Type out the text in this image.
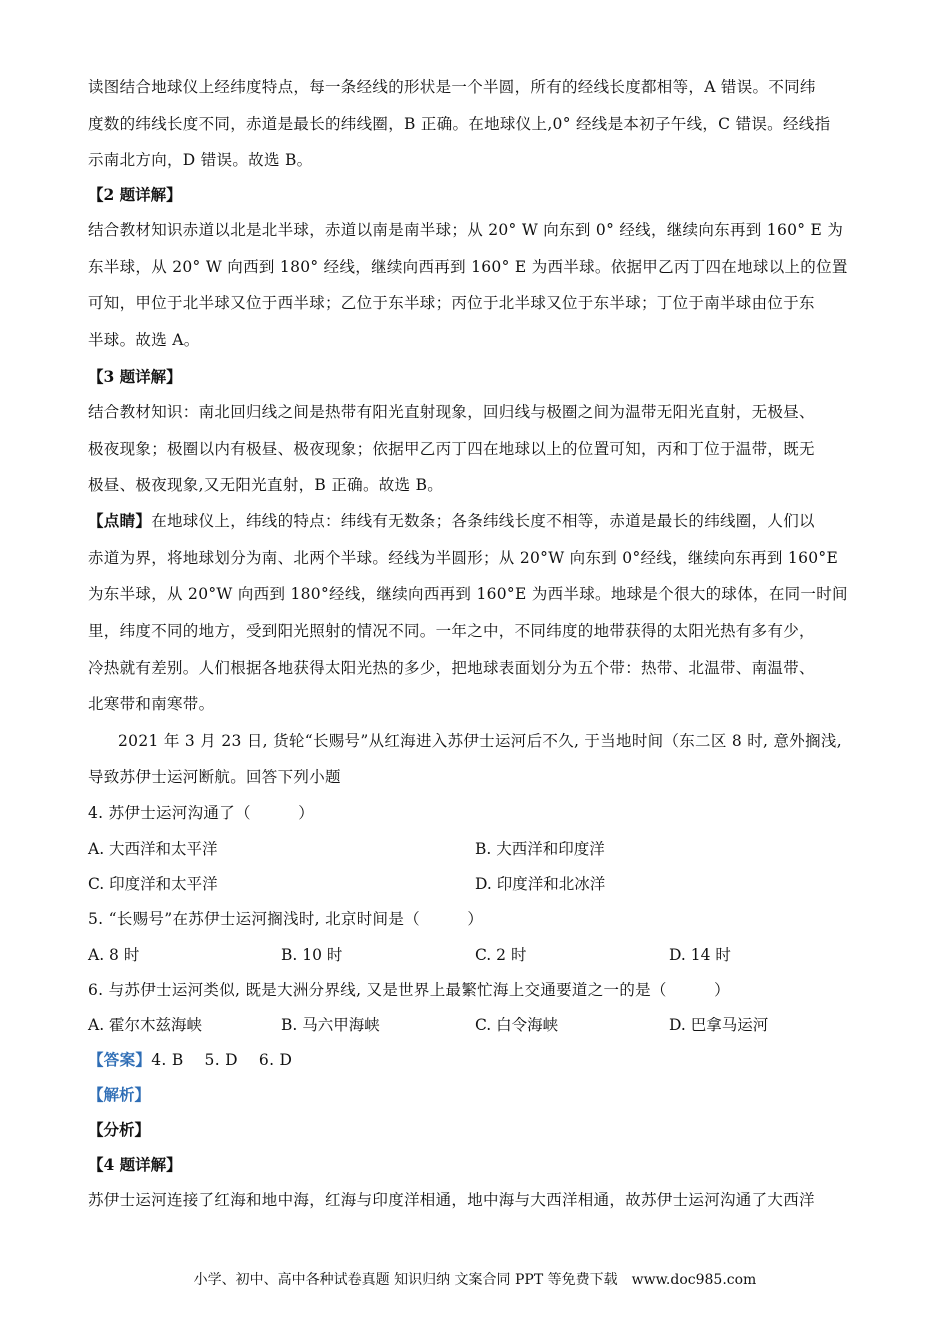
读图结合地球仪上经纬度特点，每一条经线的形状是一个半圆，所有的经线长度都相等，A 错误。不同纬
度数的纬线长度不同，赤道是最长的纬线圈，B 正确。在地球仪上,0° 经线是本初子午线，C 错误。经线指
示南北方向，D 错误。故选 B。
【2 题详解】
结合教材知识赤道以北是北半球，赤道以南是南半球；从 20° W 向东到 0° 经线，继续向东再到 160° E 为
东半球，从 20° W 向西到 180° 经线，继续向西再到 160° E 为西半球。依据甲乙丙丁四在地球以上的位置
可知，甲位于北半球又位于西半球；乙位于东半球；丙位于北半球又位于东半球；丁位于南半球由位于东
半球。故选 A。
【3 题详解】
结合教材知识：南北回归线之间是热带有阳光直射现象，回归线与极圈之间为温带无阳光直射，无极昼、
极夜现象；极圈以内有极昼、极夜现象；依据甲乙丙丁四在地球以上的位置可知，丙和丁位于温带，既无
极昼、极夜现象,又无阳光直射，B 正确。故选 B。
【点睛】在地球仪上，纬线的特点：纬线有无数条；各条纬线长度不相等，赤道是最长的纬线圈，人们以
赤道为界，将地球划分为南、北两个半球。经线为半圆形；从 20°W 向东到 0°经线，继续向东再到 160°E
为东半球，从 20°W 向西到 180°经线，继续向西再到 160°E 为西半球。地球是个很大的球体，在同一时间
里，纬度不同的地方，受到阳光照射的情况不同。一年之中，不同纬度的地带获得的太阳光热有多有少，
冷热就有差别。人们根据各地获得太阳光热的多少，把地球表面划分为五个带：热带、北温带、南温带、
北寒带和南寒带。
2021 年 3 月 23 日, 货轮“长赐号”从红海进入苏伊士运河后不久, 于当地时间（东二区 8 时, 意外搁浅,
导致苏伊士运河断航。回答下列小题
4. 苏伊士运河沟通了（　　　）
A. 大西洋和太平洋	B. 大西洋和印度洋
C. 印度洋和太平洋	D. 印度洋和北冰洋
5. “长赐号”在苏伊士运河搁浅时, 北京时间是（　　　）
A. 8 时	B. 10 时	C. 2 时	D. 14 时
6. 与苏伊士运河类似, 既是大洲分界线, 又是世界上最繁忙海上交通要道之一的是（　　　）
A. 霍尔木兹海峡	B. 马六甲海峡	C. 白令海峡	D. 巴拿马运河
【答案】4. B　 5. D　 6. D
【解析】
【分析】
【4 题详解】
苏伊士运河连接了红海和地中海，红海与印度洋相通，地中海与大西洋相通，故苏伊士运河沟通了大西洋
小学、初中、高中各种试卷真题 知识归纳 文案合同 PPT 等免费下载　www.doc985.com
